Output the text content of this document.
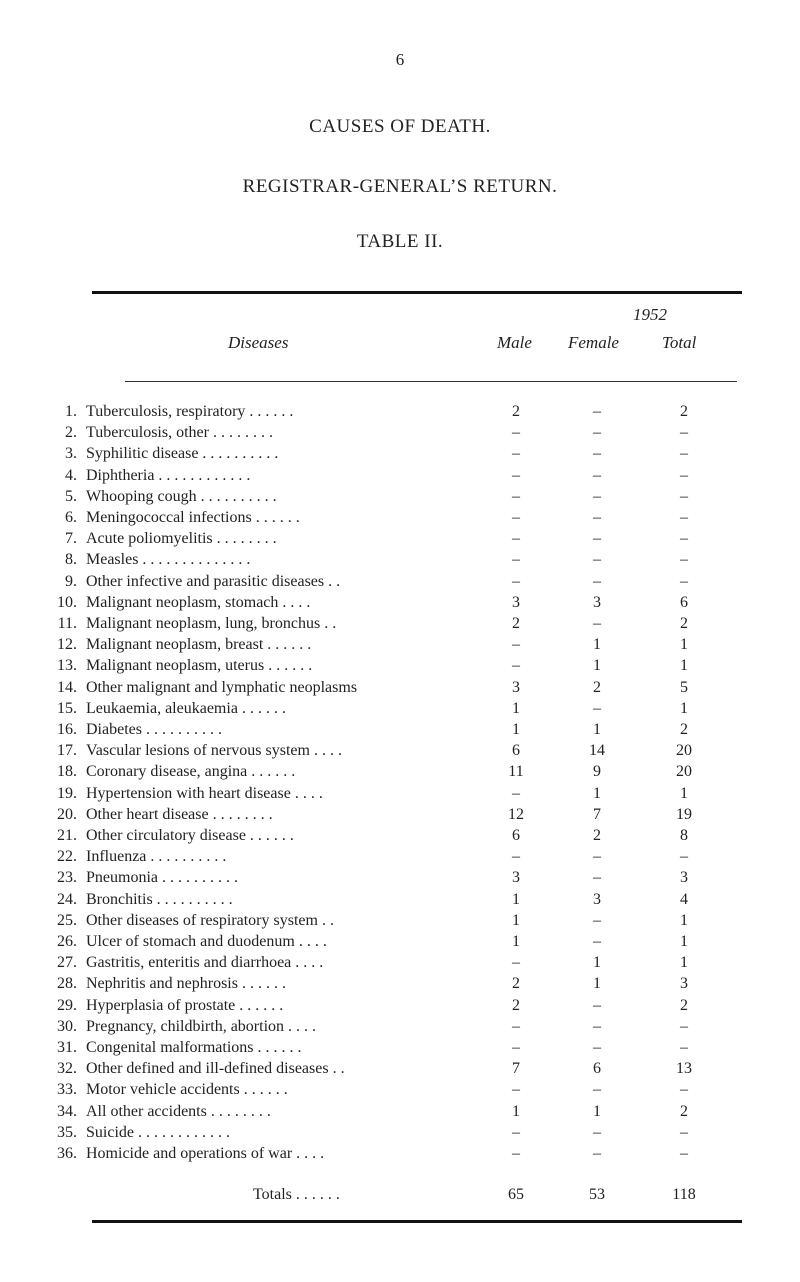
6
CAUSES OF DEATH.
REGISTRAR-GENERAL’S RETURN.
TABLE II.
1952
Diseases	Male Female	Total
1. Tuberculosis, respiratory . . . . . .	2	–	2
2. Tuberculosis, other . . . . . . . .	–	–	–
3. Syphilitic disease . . . . . . . . . .	–	–	–
4. Diphtheria . . . . . . . . . . . .	–	–	–
5. Whooping cough . . . . . . . . . .	–	–	–
6. Meningococcal infections . . . . . .	–	–	–
7. Acute poliomyelitis . . . . . . . .	–	–	–
8. Measles . . . . . . . . . . . . . .	–	–	–
9. Other infective and parasitic diseases . .	–	–	–
10. Malignant neoplasm, stomach . . . .	3	3	6
11. Malignant neoplasm, lung, bronchus . .	2	–	2
12. Malignant neoplasm, breast . . . . . .	–	1	1
13. Malignant neoplasm, uterus . . . . . .	–	1	1
14. Other malignant and lymphatic neoplasms	3	2	5
15. Leukaemia, aleukaemia . . . . . .	1	–	1
16. Diabetes . . . . . . . . . .	1	1	2
17. Vascular lesions of nervous system . . . .	6	14	20
18. Coronary disease, angina . . . . . .	11	9	20
19. Hypertension with heart disease . . . .	–	1	1
20. Other heart disease . . . . . . . .	12	7	19
21. Other circulatory disease . . . . . .	6	2	8
22. Influenza . . . . . . . . . .	–	–	–
23. Pneumonia . . . . . . . . . .	3	–	3
24. Bronchitis . . . . . . . . . .	1	3	4
25. Other diseases of respiratory system . .	1	–	1
26. Ulcer of stomach and duodenum . . . .	1	–	1
27. Gastritis, enteritis and diarrhoea . . . .	–	1	1
28. Nephritis and nephrosis . . . . . .	2	1	3
29. Hyperplasia of prostate . . . . . .	2	–	2
30. Pregnancy, childbirth, abortion . . . .	–	–	–
31. Congenital malformations . . . . . .	–	–	–
32. Other defined and ill-defined diseases . .	7	6	13
33. Motor vehicle accidents . . . . . .	–	–	–
34. All other accidents . . . . . . . .	1	1	2
35. Suicide . . . . . . . . . . . .	–	–	–
36. Homicide and operations of war . . . .	–	–	–
Totals . . . . . .	65	53	118
